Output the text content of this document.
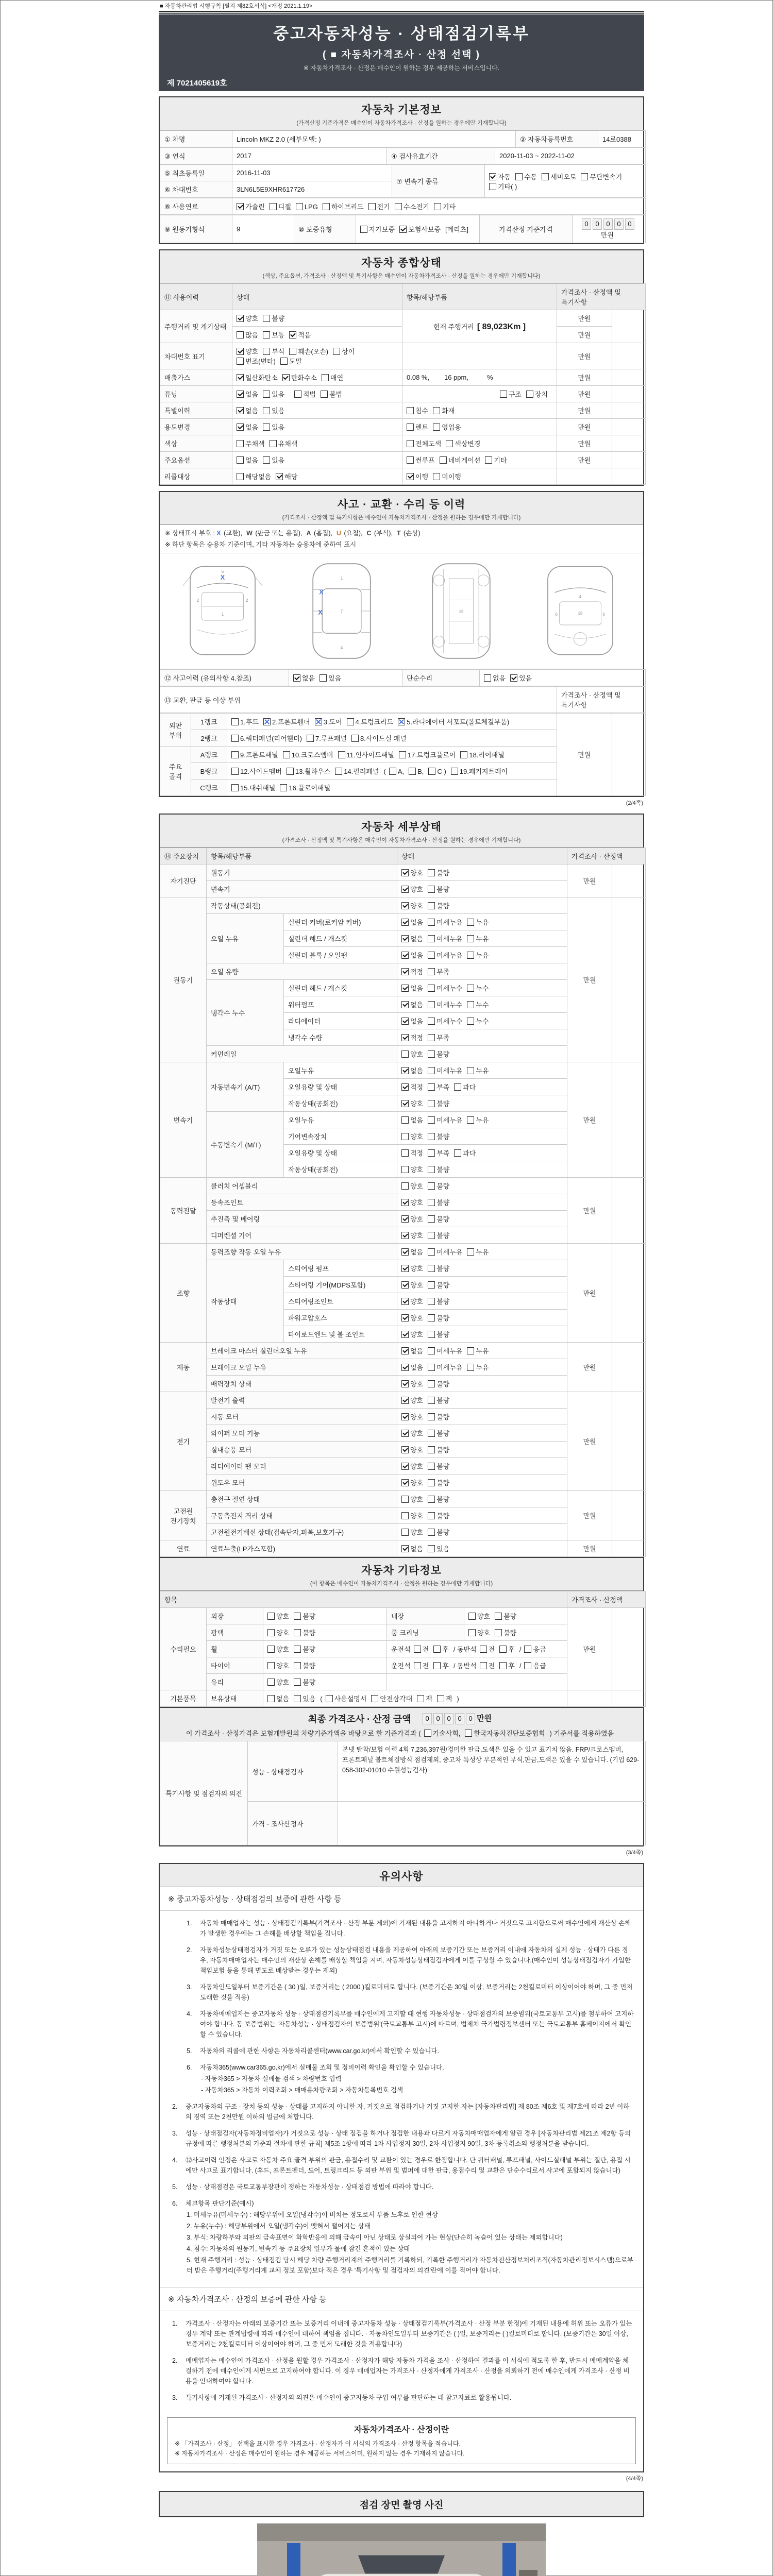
■ 자동차관리법 시행규칙 [별지 제82호서식] <개정 2021.1.19>
중고자동차성능 · 상태점검기록부
( ■ 자동차가격조사 · 산정 선택 )
※ 자동차가격조사 · 산정은 매수인이 원하는 경우 제공하는 서비스입니다.
제 7021405619호
자동차 기본정보
(가격산정 기준가격은 매수인이 자동차가격조사 · 산정을 원하는 경우에만 기재합니다)
① 차명	Lincoln MKZ 2.0 (세부모델: )	② 자동차등록번호	14로0388
③ 연식	2017	④ 검사유효기간	2020-11-03 ~ 2022-11-02
⑤ 최초등록일	2016-11-03	⑦ 변속기 종류	자동 수동 세미오토 무단변속기기타( )
⑥ 차대번호	3LN6L5E9XHR617726		
⑧ 사용연료	가솔린 디젤 LPG 하이브리드 전기 수소전기 기타
⑨ 원동기형식	9	⑩ 보증유형	자가보증 보험사보증 [메리츠]	가격산정 기준가격	0 0 0 0 0만원
자동차 종합상태
(색상, 주요옵션, 가격조사 · 산정액 및 특기사항은 매수인이 자동차가격조사 · 산정을 원하는 경우에만 기재합니다)
⑪ 사용이력	상태	항목/해당부품	가격조사 · 산정액 및 특기사항	
주행거리 및 계기상태	양호 불량	현재 주행거리 [ 89,023Km ]	만원	
	많음 보통 적음		만원	
차대번호 표기	양호 부식 훼손(오손) 상이변조(변타) 도말		만원	
배출가스	일산화탄소 탄화수소 매연	0.08 %,        16 ppm,          %	만원	
튜닝	없음 있음 적법 불법	구조 장치	만원	
특별이력	없음 있음	침수 화재	만원	
용도변경	없음 있음	렌트 영업용	만원	
색상	무채색 유채색	전체도색 색상변경	만원	
주요옵션	없음 있음	썬루프 네비게이션 기타	만원	
리콜대상	해당없음 해당	이행 미이행		
사고 · 교환 · 수리 등 이력
(가격조사 · 산정액 및 특기사항은 매수인이 자동차가격조사 · 산정을 원하는 경우에만 기재합니다)
※ 상태표시 부호 : X (교환), W (판금 또는 용접), A (흠집), U (요철), C (부식), T (손상)
※ 하단 항목은 승용차 기준이며, 기타 자동차는 승용차에 준하여 표시
5
2	2
1
X	1
7
4
X
X	16
4
18
6	6
⑫ 사고이력 (유의사항 4.참조)	없음 있음	단순수리	없음 있음
⑬ 교환, 판금 등 이상 부위	가격조사 · 산정액 및 특기사항
외판 부위	1랭크	1.후드 2.프론트휀더 3.도어 4.트렁크리드 5.라디에이터 서포트(볼트체결부품)	만원	
	2랭크	6.쿼터패널(리어휀더) 7.루프패널 8.사이드실 패널		
주요 골격	A랭크	9.프론트패널 10.크로스멤버 11.인사이드패널 17.트렁크플로어 18.리어패널		
	B랭크	12.사이드멤버 13.휠하우스 14.필러패널 ( A, B, C ) 19.패키지트레이		
	C랭크	15.대쉬패널 16.플로어패널		
(2/4쪽)
자동차 세부상태
(가격조사 · 산정액 및 특기사항은 매수인이 자동차가격조사 · 산정을 원하는 경우에만 기재합니다)
⑭ 주요장치	항목/해당부품		상태	가격조사 · 산정액	
자기진단	원동기		양호 불량	만원	
	변속기		양호 불량		
원동기	작동상태(공회전)		양호 불량	만원	
	오일 누유	실린더 커버(로커암 커버)	없음 미세누유 누유		
		실린더 헤드 / 개스킷	없음 미세누유 누유		
		실린더 블록 / 오일팬	없음 미세누유 누유		
	오일 유량		적정 부족		
	냉각수 누수	실린더 헤드 / 개스킷	없음 미세누수 누수		
		워터펌프	없음 미세누수 누수		
		라디에이터	없음 미세누수 누수		
		냉각수 수량	적정 부족		
	커먼레일		양호 불량		
변속기	자동변속기 (A/T)	오일누유	없음 미세누유 누유	만원	
		오일유량 및 상태	적정 부족 과다		
		작동상태(공회전)	양호 불량		
	수동변속기 (M/T)	오일누유	없음 미세누유 누유		
		기어변속장치	양호 불량		
		오일유량 및 상태	적정 부족 과다		
		작동상태(공회전)	양호 불량		
동력전달	클러치 어셈블리		양호 불량	만원	
	등속조인트		양호 불량		
	추진축 및 베어링		양호 불량		
	디퍼렌셜 기어		양호 불량		
조향	동력조향 작동 오일 누유		없음 미세누유 누유	만원	
	작동상태	스티어링 펌프	양호 불량		
		스티어링 기어(MDPS포함)	양호 불량		
		스티어링조인트	양호 불량		
		파워고압호스	양호 불량		
		타이로드엔드 및 볼 조인트	양호 불량		
제동	브레이크 마스터 실린더오일 누유		없음 미세누유 누유	만원	
	브레이크 오일 누유		없음 미세누유 누유		
	배력장치 상태		양호 불량		
전기	발전기 출력		양호 불량	만원	
	시동 모터		양호 불량		
	와이퍼 모터 기능		양호 불량		
	실내송풍 모터		양호 불량		
	라디에이터 팬 모터		양호 불량		
	윈도우 모터		양호 불량		
고전원 전기장치	충전구 절연 상태		양호 불량	만원	
	구동축전지 격리 상태		양호 불량		
	고전원전기배선 상태(접속단자,피복,보호기구)		양호 불량		
연료	연료누출(LP가스포함)		없음 있음	만원	
자동차 기타정보
(이 항목은 매수인이 자동차가격조사 · 산정을 원하는 경우에만 기재합니다)
항목					가격조사 · 산정액	
수리필요	외장	양호 불량	내장	양호 불량	만원	
	광택	양호 불량	룸 크리닝	양호 불량		
	휠	양호 불량	운전석 전 후 / 동반석 전 후 / 응급			
	타이어	양호 불량	운전석 전 후 / 동반석 전 후 / 응급			
	유리	양호 불량				
기본품목	보유상태	없음 있음 ( 사용설명서 안전삼각대 잭 잭 )				
최종 가격조사 · 산정 금액 0 0 0 0 0 만원
이 가격조사 · 산정가격은 보험개발원의 차량기준가액을 바탕으로 한 기준가격과 ( 기술사회, 한국자동차진단보증협회 ) 기준서를 적용하였음
특기사항 및 점검자의 의견	성능 · 상태점검자	본넷 탈착/보험 이력 4회 7,236,397원/경미한 판금,도색은 있을 수 있고 표기치 않음. FRP/크로스멤버,프론트패널 볼트체결방식 점검제외, 중고차 특성상 부분적인 부식,판금,도색은 있을 수 있습니다. (기업 629-058-302-01010 수원성능검사)
	가격 · 조사산정자	
(3/4쪽)
유의사항
※ 중고자동차성능 · 상태점검의 보증에 관한 사항 등
1.	자동차 매매업자는 성능 · 상태점검기록부(가격조사 · 산정 부분 제외)에 기재된 내용을 고지하지 아니하거나 거짓으로 고지함으로써 매수인에게 재산상 손해가 발생한 경우에는 그 손해를 배상할 책임을 집니다.
2.	자동차성능상태점검자가 거짓 또는 오류가 있는 성능상태점검 내용을 제공하여 아래의 보증기간 또는 보증거리 이내에 자동차의 실제 성능 · 상태가 다른 경우, 자동차매매업자는 매수인의 재산상 손해를 배상할 책임을 지며, 자동차성능상태점검자에게 이를 구상할 수 있습니다.(매수인이 성능상태점검자가 가입한 책임보험 등을 통해 별도로 배상받는 경우는 제외)
3.	자동차인도일부터 보증기간은 ( 30 )일, 보증거리는 ( 2000 )킬로미터로 합니다. (보증기간은 30일 이상, 보증거리는 2천킬로미터 이상이어야 하며, 그 중 먼저 도래한 것을 적용)
4.	자동차매매업자는 중고자동차 성능 · 상태점검기록부를 매수인에게 고지할 때 현행 자동차성능 · 상태점검자의 보증범위(국토교통부 고시)를 첨부하여 고지하여야 합니다. 동 보증범위는 '자동차성능 · 상태점검자의 보증범위'(국토교통부 고시)에 따르며, 법제처 국가법령정보센터 또는 국토교통부 홈페이지에서 확인할 수 있습니다.
5.	자동차의 리콜에 관한 사항은 자동차리콜센터(www.car.go.kr)에서 확인할 수 있습니다.
6.	자동차365(www.car365.go.kr)에서 실매물 조회 및 정비이력 확인을 확인할 수 있습니다.
- 자동차365 > 자동차 실매물 검색 > 차량번호 입력
- 자동차365 > 자동차 이력조회 > 매매용차량조회 > 자동차등록번호 검색
2.	중고자동차의 구조 · 장치 등의 성능 · 상태를 고지하지 아니한 자, 거짓으로 점검하거나 거짓 고지한 자는 [자동차관리법] 제 80조 제6호 및 제7호에 따라 2년 이하의 징역 또는 2천만원 이하의 벌금에 처합니다.
3.	성능 · 상태점검자(자동차정비업자)가 거짓으로 성능 · 상태 점검을 하거나 점검한 내용과 다르게 자동차매매업자에게 알린 경우 [자동차관리법 제21조 제2항 등의 규정에 따른 행정처분의 기준과 절차에 관한 규칙] 제5조 1항에 따라 1차 사업정지 30일, 2차 사업정지 90일, 3차 등록취소의 행정처분을 받습니다.
4.	⑫사고이력 인정은 사고로 자동차 주요 골격 부위의 판금, 용접수리 및 교환이 있는 경우로 한정합니다. 단 쿼터패널, 루프패널, 사이드실패널 부위는 절단, 용접 시에만 사고로 표기합니다. (후드, 프론트펜더, 도어, 트렁크리드 등 외판 부위 및 범퍼에 대한 판금, 용접수리 및 교환은 단순수리로서 사고에 포함되지 않습니다)
5.	성능 · 상태점검은 국토교통부장관이 정하는 자동차성능 · 상태점검 방법에 따라야 합니다.
6.	체크항목 판단기준(예시)
1. 미세누유(미세누수) : 해당부위에 오일(냉각수)이 비치는 정도로서 부품 노후로 인한 현상
2. 누유(누수) : 해당부위에서 오일(냉각수)이 맺혀서 떨어지는 상태
3. 부식: 차량하부와 외판의 금속표면이 화학반응에 의해 금속이 아닌 상태로 상실되어 가는 현상(단순히 녹슬어 있는 상태는 제외합니다)
4. 침수: 자동차의 원동기, 변속기 등 주요장치 일부가 물에 잠긴 흔적이 있는 상태
5. 현재 주행거리 : 성능 · 상태점검 당시 해당 차량 주행거리계의 주행거리를 기록하되, 기록한 주행거리가 자동차전산정보처리조직(자동차관리정보시스템)으로부터 받은 주행거리(주행거리계 교체 정보 포함)보다 적은 경우 '특기사항 및 점검자의 의견'란에 이를 적어야 합니다.
※ 자동차가격조사 · 산정의 보증에 관한 사항 등
1.	가격조사 · 산정자는 아래의 보증기간 또는 보증거리 이내에 중고자동차 성능 · 상태점검기록부(가격조사 · 산정 부분 한정)에 기재된 내용에 허위 또는 오류가 있는 경우 계약 또는 관계법령에 따라 매수인에 대하여 책임을 집니다. · 자동차인도일부터 보증기간은 ( )일, 보증거리는 ( )킬로미터로 합니다. (보증기간은 30일 이상, 보증거리는 2천킬로미터 이상이어야 하며, 그 중 먼저 도래한 것을 적용합니다)
2.	매매업자는 매수인이 가격조사 · 산정을 원할 경우 가격조사 · 산정자가 해당 자동차 가격을 조사 · 산정하여 결과를 이 서식에 적도록 한 후, 반드시 매매계약을 체결하기 전에 매수인에게 서면으로 고지하여야 합니다. 이 경우 매매업자는 가격조사 · 산정자에게 가격조사 · 산정을 의뢰하기 전에 매수인에게 가격조사 · 산정 비용을 안내하여야 합니다.
3.	특기사항에 기재된 가격조사 · 산정자의 의견은 매수인이 중고자동차 구입 여부를 판단하는 데 참고자료로 활용됩니다.
자동차가격조사 · 산정이란
※ 「가격조사 · 산정」 선택을 표시한 경우 가격조사 · 산정자가 이 서식의 가격조사 · 산정 항목을 적습니다.
※ 자동차가격조사 · 산정은 매수인이 원하는 경우 제공하는 서비스이며, 원하지 않는 경우 기재하지 않습니다.
(4/4쪽)
점검 장면 촬영 사진
